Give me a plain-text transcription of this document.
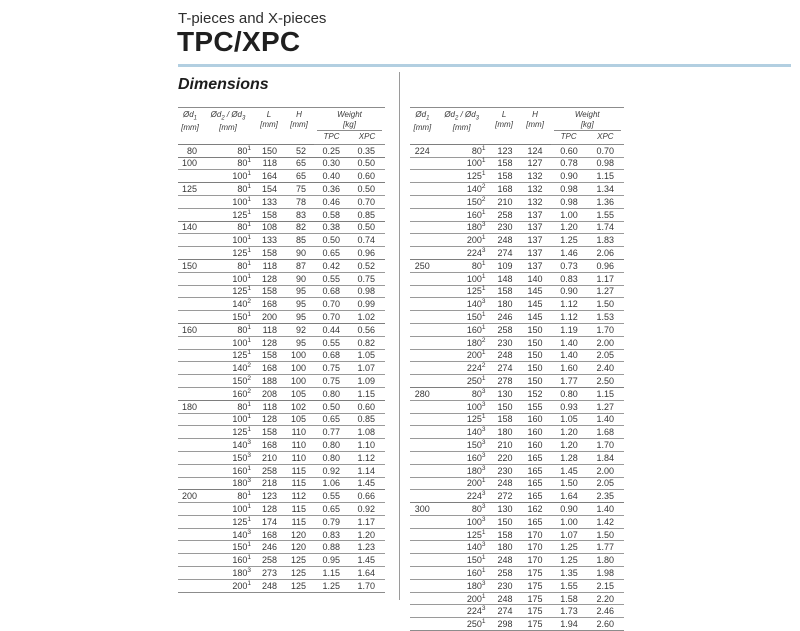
T-pieces and X-pieces
TPC/XPC
Dimensions
$Ød_1$
[mm]	$Ød_2$ / $Ød_3$
[mm]	L
[mm]	H
[mm]	Weight
[kg]	

				TPC	XPC
80	$80^1$	150	52	0.25	0.35
100	$80^1$	118	65	0.30	0.50
	$100^1$	164	65	0.40	0.60
125	$80^1$	154	75	0.36	0.50
	$100^1$	133	78	0.46	0.70
	$125^1$	158	83	0.58	0.85
140	$80^1$	108	82	0.38	0.50
	$100^1$	133	85	0.50	0.74
	$125^1$	158	90	0.65	0.96
150	$80^1$	118	87	0.42	0.52
	$100^1$	128	90	0.55	0.75
	$125^1$	158	95	0.68	0.98
	$140^2$	168	95	0.70	0.99
	$150^1$	200	95	0.70	1.02
160	$80^1$	118	92	0.44	0.56
	$100^1$	128	95	0.55	0.82
	$125^1$	158	100	0.68	1.05
	$140^2$	168	100	0.75	1.07
	$150^2$	188	100	0.75	1.09
	$160^2$	208	105	0.80	1.15
180	$80^1$	118	102	0.50	0.60
	$100^1$	128	105	0.65	0.85
	$125^1$	158	110	0.77	1.08
	$140^3$	168	110	0.80	1.10
	$150^3$	210	110	0.80	1.12
	$160^1$	258	115	0.92	1.14
	$180^3$	218	115	1.06	1.45
200	$80^1$	123	112	0.55	0.66
	$100^1$	128	115	0.65	0.92
	$125^1$	174	115	0.79	1.17
	$140^3$	168	120	0.83	1.20
	$150^1$	246	120	0.88	1.23
	$160^1$	258	125	0.95	1.45
	$180^3$	273	125	1.15	1.64
	$200^1$	248	125	1.25	1.70
$Ød_1$
[mm]	$Ød_2$ / $Ød_3$
[mm]	L
[mm]	H
[mm]	Weight
[kg]	

				TPC	XPC
224	$80^1$	123	124	0.60	0.70
	$100^1$	158	127	0.78	0.98
	$125^1$	158	132	0.90	1.15
	$140^2$	168	132	0.98	1.34
	$150^2$	210	132	0.98	1.36
	$160^1$	258	137	1.00	1.55
	$180^3$	230	137	1.20	1.74
	$200^1$	248	137	1.25	1.83
	$224^3$	274	137	1.46	2.06
250	$80^1$	109	137	0.73	0.96
	$100^1$	148	140	0.83	1.17
	$125^1$	158	145	0.90	1.27
	$140^3$	180	145	1.12	1.50
	$150^1$	246	145	1.12	1.53
	$160^1$	258	150	1.19	1.70
	$180^2$	230	150	1.40	2.00
	$200^1$	248	150	1.40	2.05
	$224^2$	274	150	1.60	2.40
	$250^1$	278	150	1.77	2.50
280	$80^3$	130	152	0.80	1.15
	$100^3$	150	155	0.93	1.27
	$125^1$	158	160	1.05	1.40
	$140^3$	180	160	1.20	1.68
	$150^3$	210	160	1.20	1.70
	$160^3$	220	165	1.28	1.84
	$180^3$	230	165	1.45	2.00
	$200^1$	248	165	1.50	2.05
	$224^3$	272	165	1.64	2.35
300	$80^3$	130	162	0.90	1.40
	$100^3$	150	165	1.00	1.42
	$125^1$	158	170	1.07	1.50
	$140^3$	180	170	1.25	1.77
	$150^1$	248	170	1.25	1.80
	$160^1$	258	175	1.35	1.98
	$180^3$	230	175	1.55	2.15
	$200^1$	248	175	1.58	2.20
	$224^3$	274	175	1.73	2.46
	$250^1$	298	175	1.94	2.60
